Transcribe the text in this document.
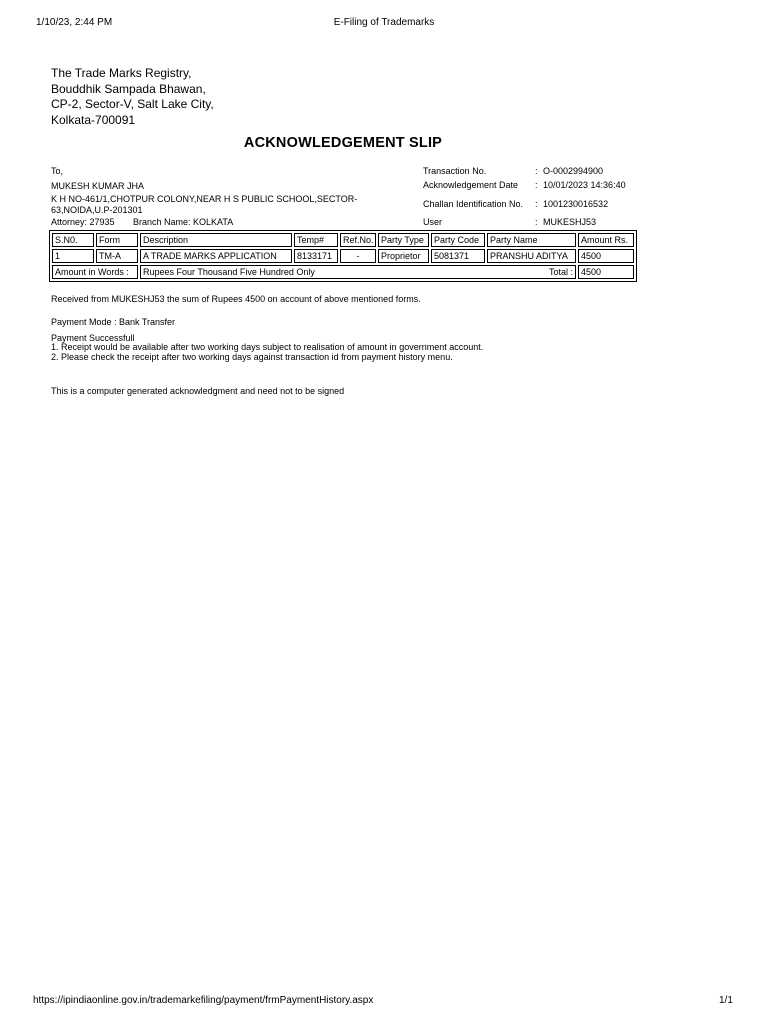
1/10/23, 2:44 PM	E-Filing of Trademarks
The Trade Marks Registry,
Bouddhik Sampada Bhawan,
CP-2, Sector-V, Salt Lake City,
Kolkata-700091
ACKNOWLEDGEMENT SLIP
To,
MUKESH KUMAR JHA
K H NO-461/1,CHOTPUR COLONY,NEAR H S PUBLIC SCHOOL,SECTOR-63,NOIDA,U.P-201301
Attorney: 27935 Branch Name: KOLKATA
Transaction No.	: O-0002994900
Acknowledgement Date : 10/01/2023 14:36:40
Challan Identification No. : 1001230016532
User	: MUKESHJ53
S.N0.	Form	Description	Temp#	Ref.No.	Party Type	Party Code	Party Name	Amount Rs.
1	TM-A	A TRADE MARKS APPLICATION	8133171	-	Proprietor	5081371	PRANSHU ADITYA	4500
Amount in Words :		Rupees Four Thousand Five Hundred Only Total :						4500
Received from MUKESHJ53 the sum of Rupees 4500 on account of above mentioned forms.
Payment Mode : Bank Transfer
Payment Successfull
1. Receipt would be available after two working days subject to realisation of amount in government account.
2. Please check the receipt after two working days against transaction id from payment history menu.
This is a computer generated acknowledgment and need not to be signed
https://ipindiaonline.gov.in/trademarkefiling/payment/frmPaymentHistory.aspx	1/1
